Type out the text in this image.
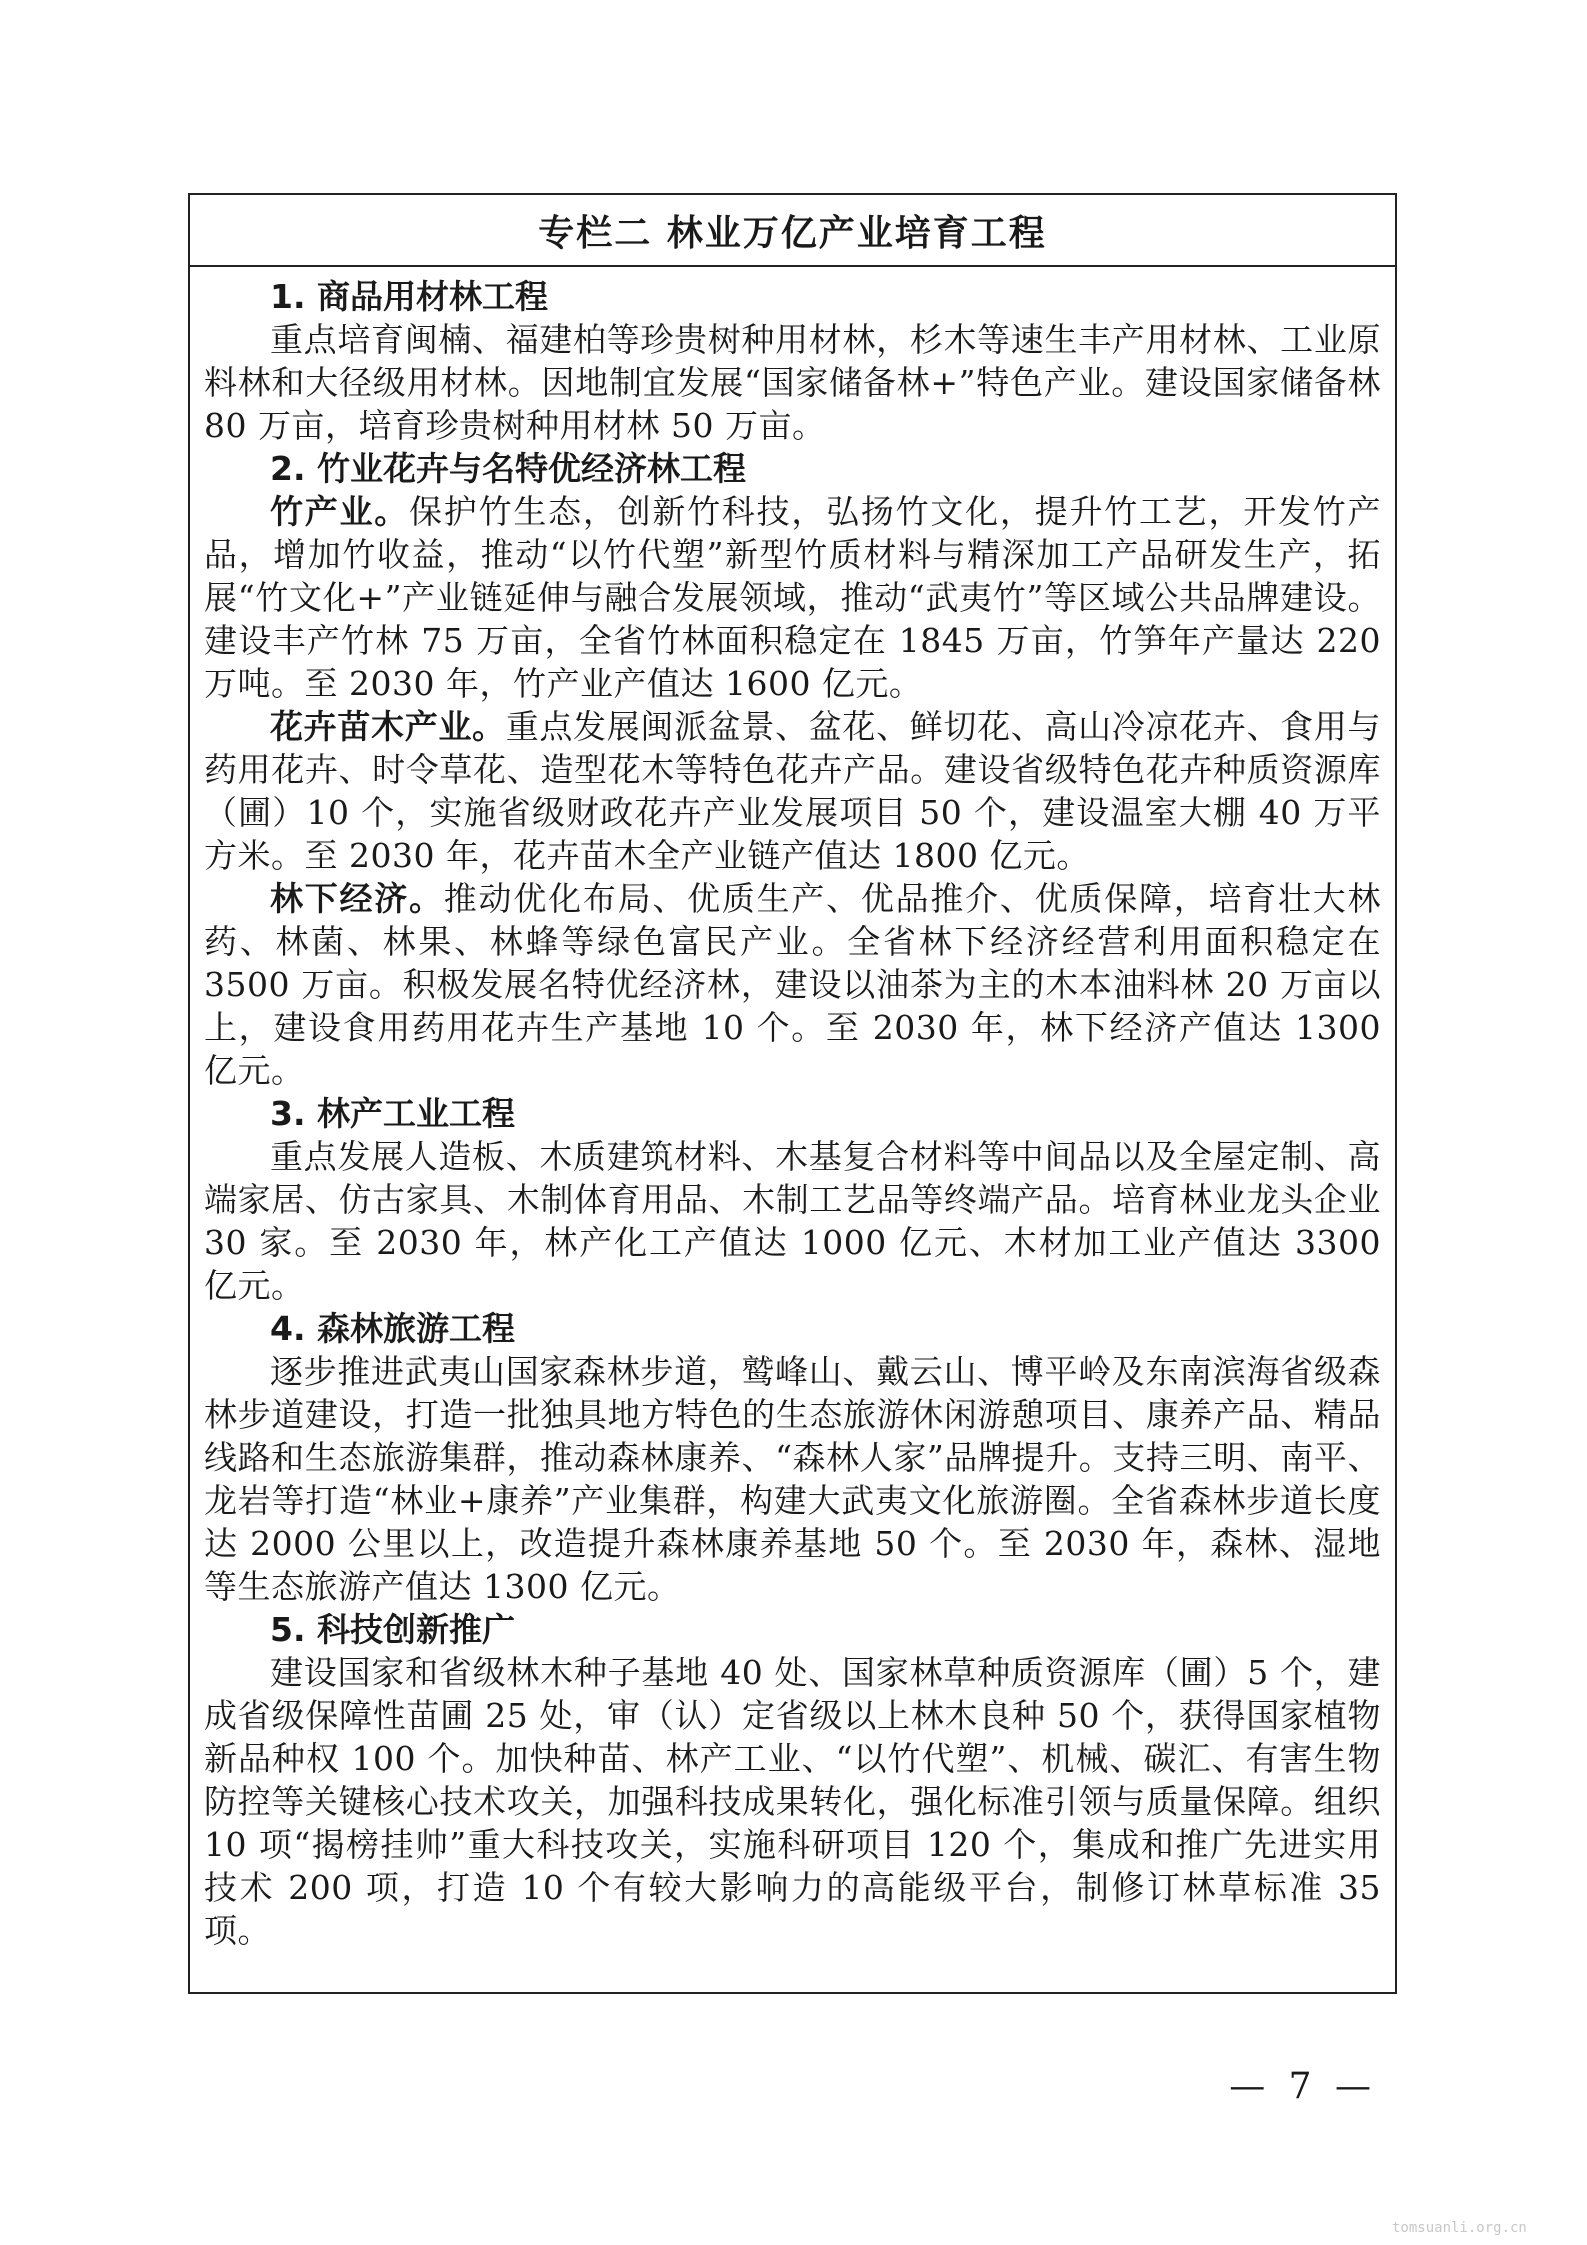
专栏二 林业万亿产业培育工程

1. 商品用材林工程

重点培育闽楠、福建柏等珍贵树种用材林，杉木等速生丰产用材林、工业原料林和大径级用材林。因地制宜发展“国家储备林+”特色产业。建设国家储备林 80 万亩，培育珍贵树种用材林 50 万亩。

2. 竹业花卉与名特优经济林工程

竹产业。保护竹生态，创新竹科技，弘扬竹文化，提升竹工艺，开发竹产品，增加竹收益，推动“以竹代塑”新型竹质材料与精深加工产品研发生产，拓展“竹文化+”产业链延伸与融合发展领域，推动“武夷竹”等区域公共品牌建设。建设丰产竹林 75 万亩，全省竹林面积稳定在 1845 万亩，竹笋年产量达 220 万吨。至 2030 年，竹产业产值达 1600 亿元。

花卉苗木产业。重点发展闽派盆景、盆花、鲜切花、高山冷凉花卉、食用与药用花卉、时令草花、造型花木等特色花卉产品。建设省级特色花卉种质资源库（圃）10 个，实施省级财政花卉产业发展项目 50 个，建设温室大棚 40 万平方米。至 2030 年，花卉苗木全产业链产值达 1800 亿元。

林下经济。推动优化布局、优质生产、优品推介、优质保障，培育壮大林药、林菌、林果、林蜂等绿色富民产业。全省林下经济经营利用面积稳定在 3500 万亩。积极发展名特优经济林，建设以油茶为主的木本油料林 20 万亩以上，建设食用药用花卉生产基地 10 个。至 2030 年，林下经济产值达 1300 亿元。

3. 林产工业工程

重点发展人造板、木质建筑材料、木基复合材料等中间品以及全屋定制、高端家居、仿古家具、木制体育用品、木制工艺品等终端产品。培育林业龙头企业 30 家。至 2030 年，林产化工产值达 1000 亿元、木材加工业产值达 3300 亿元。

4. 森林旅游工程

逐步推进武夷山国家森林步道，鹫峰山、戴云山、博平岭及东南滨海省级森林步道建设，打造一批独具地方特色的生态旅游休闲游憩项目、康养产品、精品线路和生态旅游集群，推动森林康养、“森林人家”品牌提升。支持三明、南平、龙岩等打造“林业+康养”产业集群，构建大武夷文化旅游圈。全省森林步道长度达 2000 公里以上，改造提升森林康养基地 50 个。至 2030 年，森林、湿地等生态旅游产值达 1300 亿元。

5. 科技创新推广

建设国家和省级林木种子基地 40 处、国家林草种质资源库（圃）5 个，建成省级保障性苗圃 25 处，审（认）定省级以上林木良种 50 个，获得国家植物新品种权 100 个。加快种苗、林产工业、“以竹代塑”、机械、碳汇、有害生物防控等关键核心技术攻关，加强科技成果转化，强化标准引领与质量保障。组织 10 项“揭榜挂帅”重大科技攻关，实施科研项目 120 个，集成和推广先进实用技术 200 项，打造 10 个有较大影响力的高能级平台，制修订林草标准 35 项。

— 7 —
tomsuanli.org.cn
